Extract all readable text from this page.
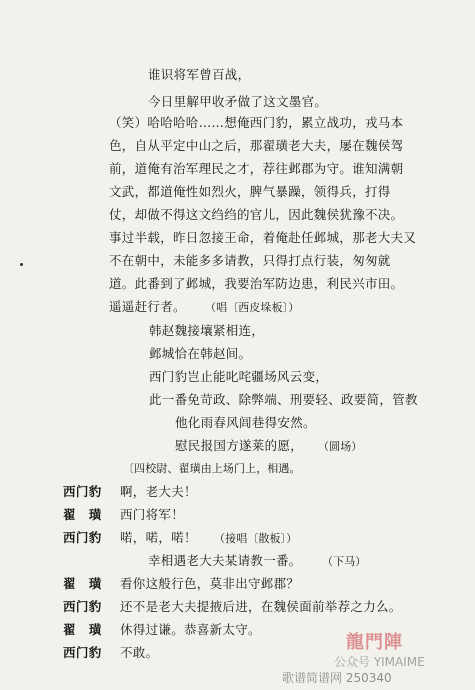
谁识将军曾百战，
今日里解甲收矛做了这文墨官。
（笑）哈哈哈哈……想俺西门豹，累立战功，戎马本
色，自从平定中山之后，那翟璜老大夫，屡在魏侯驾
前，道俺有治军理民之才，荐往邺郡为守。谁知满朝
文武，都道俺性如烈火，脾气暴躁，领得兵，打得
仗，却做不得这文绉绉的官儿，因此魏侯犹豫不决。
事过半载，昨日忽接王命，着俺赴任邺城，那老大夫又
不在朝中，未能多多请教，只得打点行装，匆匆就
道。此番到了邺城，我要治军防边患，利民兴市田。
遥遥赶行者。 （唱〔西皮垛板〕）
韩赵魏接壤紧相连，
邺城恰在韩赵间。
西门豹岂止能叱咤疆场风云变，
此一番免苛政、除弊端、刑要轻、政要简，管教
他化雨春风闾巷得安然。
慰民报国方遂莱的愿， （圆场）
〔四校尉、翟璜由上场门上，相遇。
西门豹 啊，老大夫！
翟　璜 西门将军！
西门豹 喏，喏，喏！ （接唱〔散板〕）
幸相遇老大夫某请教一番。 （下马）
翟　璜 看你这般行色，莫非出守邺郡？
西门豹 还不是老大夫提掖后进，在魏侯面前举荐之力么。
翟　璜 休得过谦。恭喜新太守。
西门豹 不敢。	龍門陣
公众号 YIMAIME
歌谱简谱网 250340
